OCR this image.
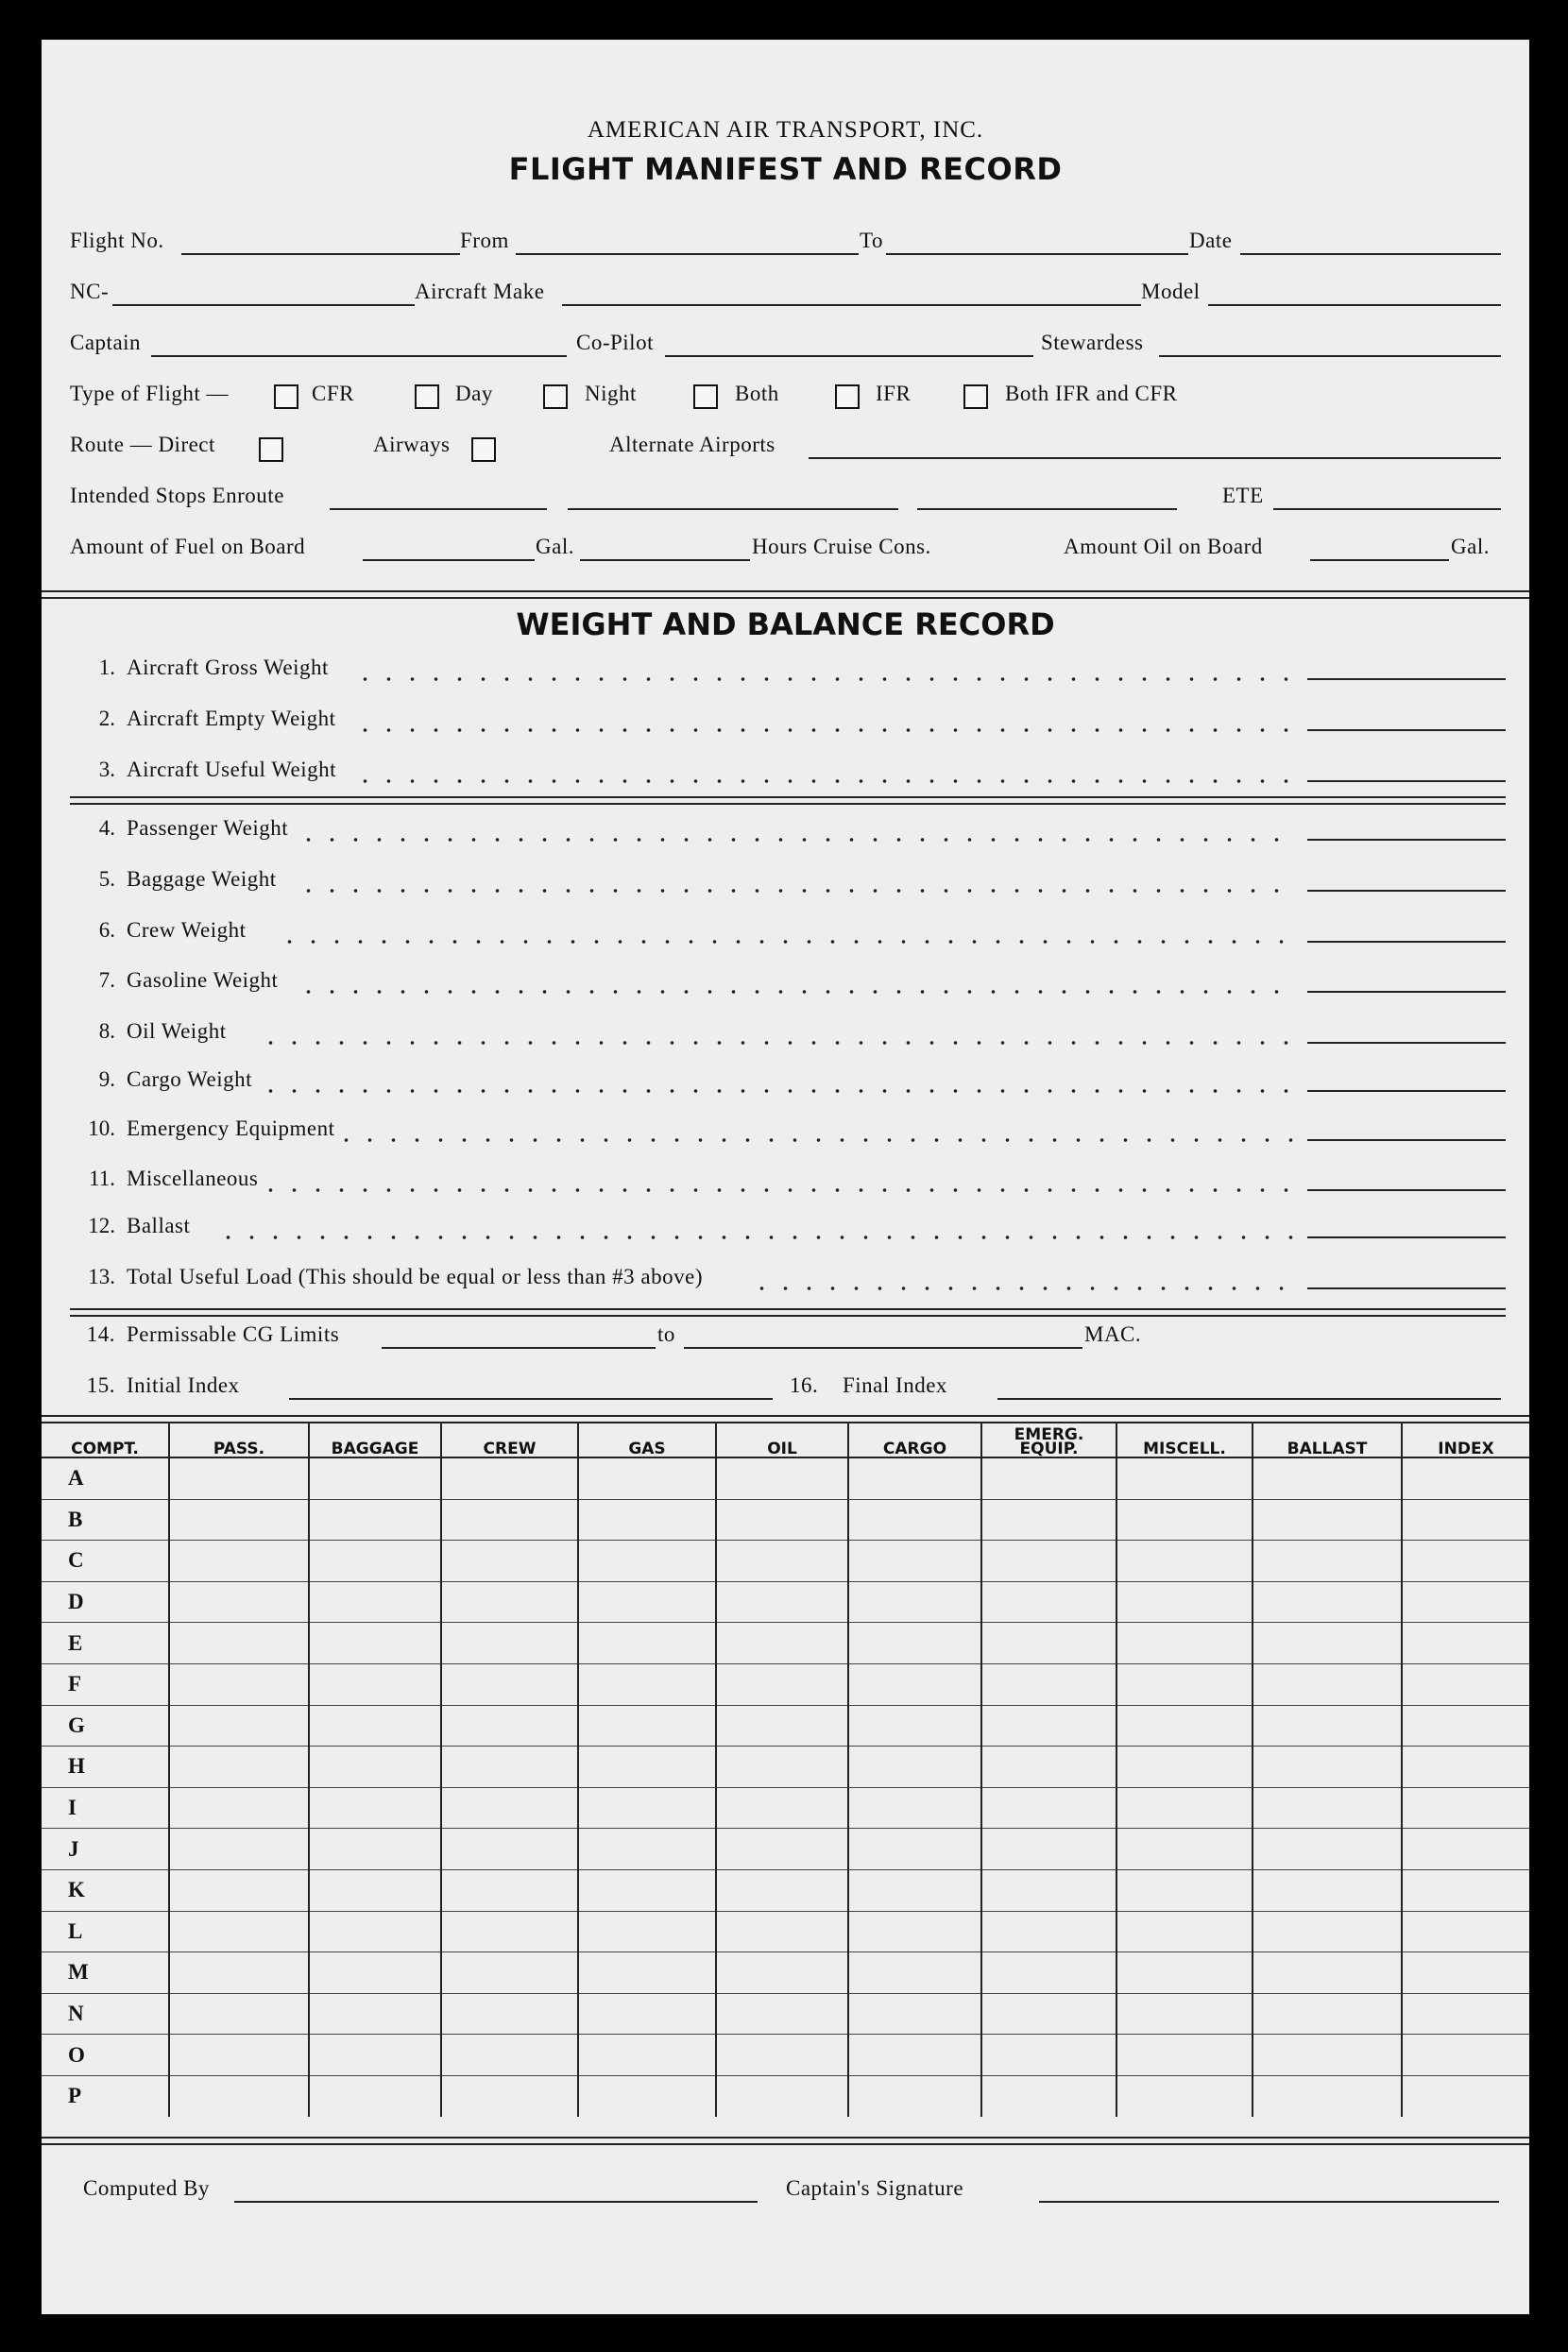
AMERICAN AIR TRANSPORT, INC.
FLIGHT MANIFEST AND RECORD
Flight No.	From	To	Date
NC-	Aircraft Make	Model
Captain	Co-Pilot	Stewardess
Type of Flight —	CFR	Day	Night	Both	IFR	Both IFR and CFR
Route — Direct	Airways	Alternate Airports
Intended Stops Enroute	ETE
Amount of Fuel on Board	Gal.	Hours Cruise Cons.	Amount Oil on Board	Gal.
WEIGHT AND BALANCE RECORD
1. Aircraft Gross Weight
2. Aircraft Empty Weight
3. Aircraft Useful Weight
4. Passenger Weight
5. Baggage Weight
6. Crew Weight
7. Gasoline Weight
8. Oil Weight
9. Cargo Weight
10. Emergency Equipment
11. Miscellaneous
12. Ballast
13. Total Useful Load (This should be equal or less than #3 above)
14. Permissable CG Limits	to	MAC.
15. Initial Index	16. Final Index
COMPT.	PASS.	BAGGAGE	CREW	GAS	OIL	CARGO	EMERG. EQUIP.	MISCELL.	BALLAST	INDEX
A										
B										
C										
D										
E										
F										
G										
H										
I										
J										
K										
L										
M										
N										
O										
P										
Computed By	Captain's Signature
